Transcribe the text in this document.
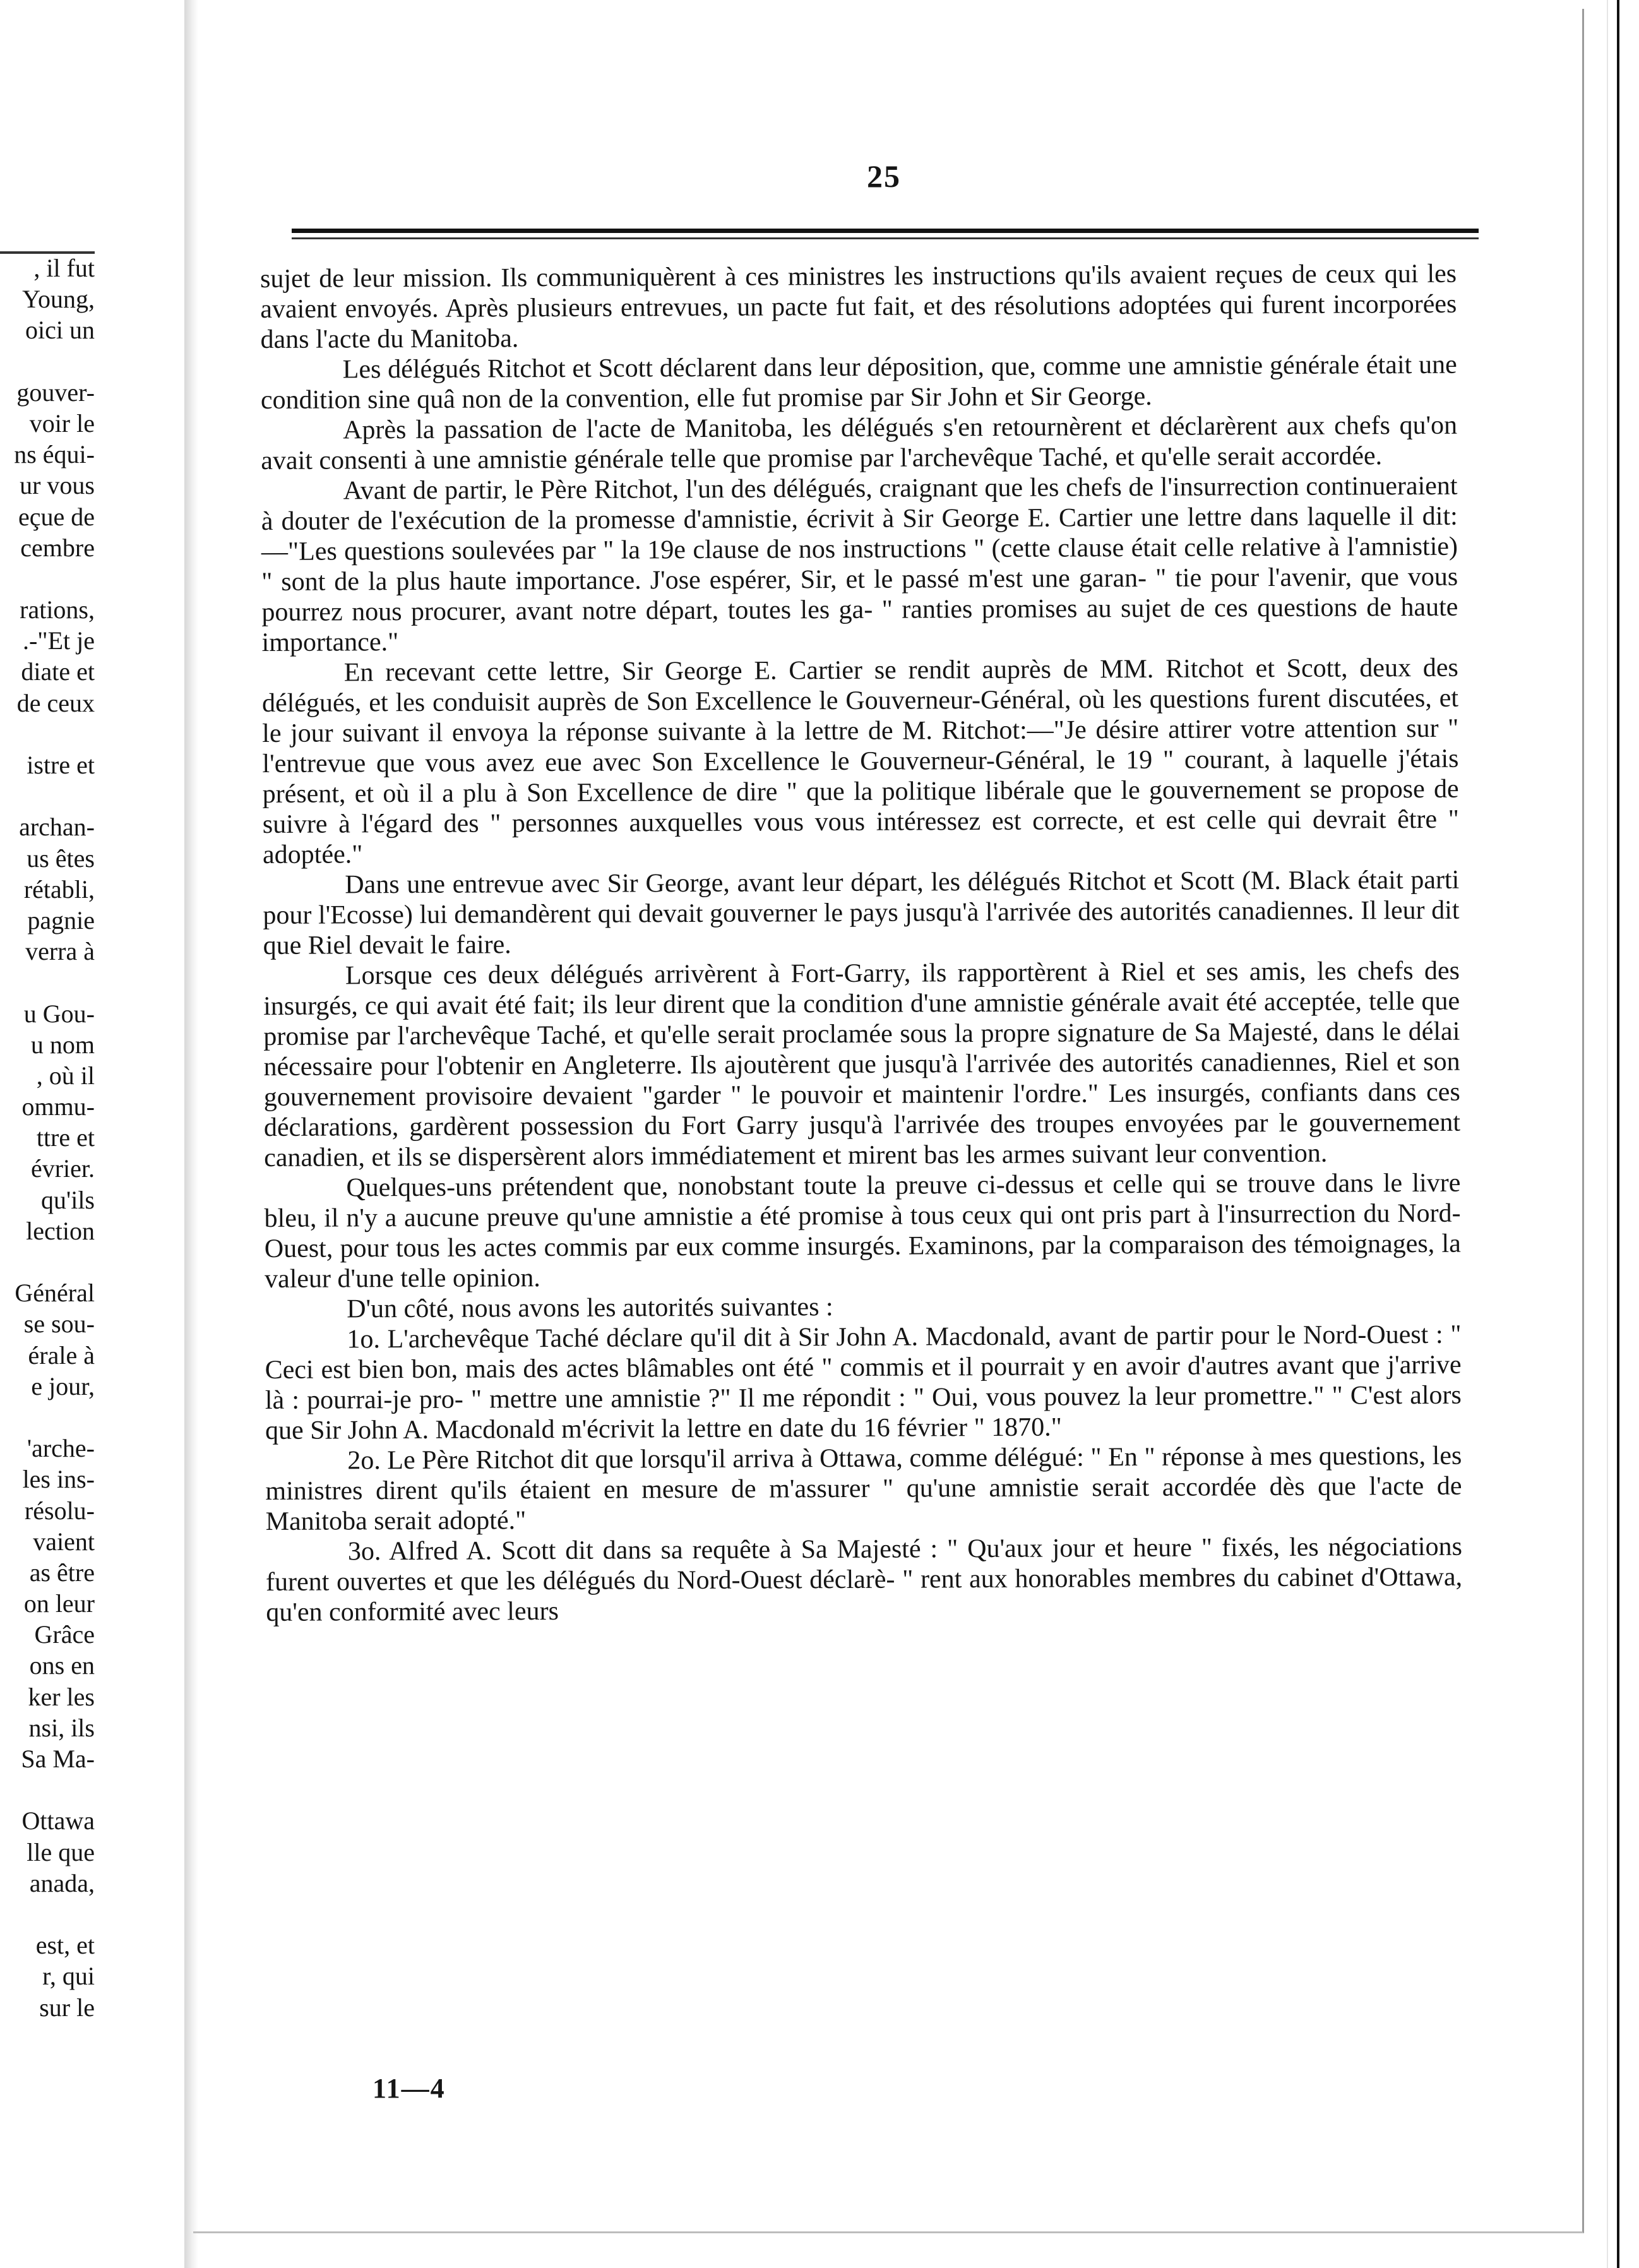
, il fut
Young,
oici un
gouver-
voir le
ns équi-
ur vous
eçue de
cembre
rations,
.-"Et je
diate et
de ceux
istre et
archan-
us êtes
rétabli,
pagnie
verra à
u Gou-
u nom
, où il
ommu-
ttre et
évrier.
qu'ils
lection
Général
se sou-
érale à
e jour,
'arche-
les ins-
résolu-
vaient
as être
on leur
Grâce
ons en
ker les
nsi, ils
Sa Ma-
Ottawa
lle que
anada,
est, et
r, qui
sur le
25

sujet de leur mission. Ils communiquèrent à ces ministres les instructions qu'ils avaient reçues de ceux qui les avaient envoyés. Après plusieurs entrevues, un pacte fut fait, et des résolutions adoptées qui furent incorporées dans l'acte du Manitoba.

Les délégués Ritchot et Scott déclarent dans leur déposition, que, comme une amnistie générale était une condition sine quâ non de la convention, elle fut promise par Sir John et Sir George.

Après la passation de l'acte de Manitoba, les délégués s'en retournèrent et déclarèrent aux chefs qu'on avait consenti à une amnistie générale telle que promise par l'archevêque Taché, et qu'elle serait accordée.

Avant de partir, le Père Ritchot, l'un des délégués, craignant que les chefs de l'insurrection continueraient à douter de l'exécution de la promesse d'amnistie, écrivit à Sir George E. Cartier une lettre dans laquelle il dit:—"Les questions soulevées par " la 19e clause de nos instructions " (cette clause était celle relative à l'amnistie) " sont de la plus haute importance. J'ose espérer, Sir, et le passé m'est une garan- " tie pour l'avenir, que vous pourrez nous procurer, avant notre départ, toutes les ga- " ranties promises au sujet de ces questions de haute importance."

En recevant cette lettre, Sir George E. Cartier se rendit auprès de MM. Ritchot et Scott, deux des délégués, et les conduisit auprès de Son Excellence le Gouverneur-Général, où les questions furent discutées, et le jour suivant il envoya la réponse suivante à la lettre de M. Ritchot:—"Je désire attirer votre attention sur " l'entrevue que vous avez eue avec Son Excellence le Gouverneur-Général, le 19 " courant, à laquelle j'étais présent, et où il a plu à Son Excellence de dire " que la politique libérale que le gouvernement se propose de suivre à l'égard des " personnes auxquelles vous vous intéressez est correcte, et est celle qui devrait être " adoptée."

Dans une entrevue avec Sir George, avant leur départ, les délégués Ritchot et Scott (M. Black était parti pour l'Ecosse) lui demandèrent qui devait gouverner le pays jusqu'à l'arrivée des autorités canadiennes. Il leur dit que Riel devait le faire.

Lorsque ces deux délégués arrivèrent à Fort-Garry, ils rapportèrent à Riel et ses amis, les chefs des insurgés, ce qui avait été fait; ils leur dirent que la condition d'une amnistie générale avait été acceptée, telle que promise par l'archevêque Taché, et qu'elle serait proclamée sous la propre signature de Sa Majesté, dans le délai nécessaire pour l'obtenir en Angleterre. Ils ajoutèrent que jusqu'à l'arrivée des autorités canadiennes, Riel et son gouvernement provisoire devaient "garder " le pouvoir et maintenir l'ordre." Les insurgés, confiants dans ces déclarations, gardèrent possession du Fort Garry jusqu'à l'arrivée des troupes envoyées par le gouvernement canadien, et ils se dispersèrent alors immédiatement et mirent bas les armes suivant leur convention.

Quelques-uns prétendent que, nonobstant toute la preuve ci-dessus et celle qui se trouve dans le livre bleu, il n'y a aucune preuve qu'une amnistie a été promise à tous ceux qui ont pris part à l'insurrection du Nord-Ouest, pour tous les actes commis par eux comme insurgés. Examinons, par la comparaison des témoignages, la valeur d'une telle opinion.

D'un côté, nous avons les autorités suivantes :

1o. L'archevêque Taché déclare qu'il dit à Sir John A. Macdonald, avant de partir pour le Nord-Ouest : " Ceci est bien bon, mais des actes blâmables ont été " commis et il pourrait y en avoir d'autres avant que j'arrive là : pourrai-je pro- " mettre une amnistie ?" Il me répondit : " Oui, vous pouvez la leur promettre." " C'est alors que Sir John A. Macdonald m'écrivit la lettre en date du 16 février " 1870."

2o. Le Père Ritchot dit que lorsqu'il arriva à Ottawa, comme délégué: " En " réponse à mes questions, les ministres dirent qu'ils étaient en mesure de m'assurer " qu'une amnistie serait accordée dès que l'acte de Manitoba serait adopté."

3o. Alfred A. Scott dit dans sa requête à Sa Majesté : " Qu'aux jour et heure " fixés, les négociations furent ouvertes et que les délégués du Nord-Ouest déclarè- " rent aux honorables membres du cabinet d'Ottawa, qu'en conformité avec leurs

11—4
